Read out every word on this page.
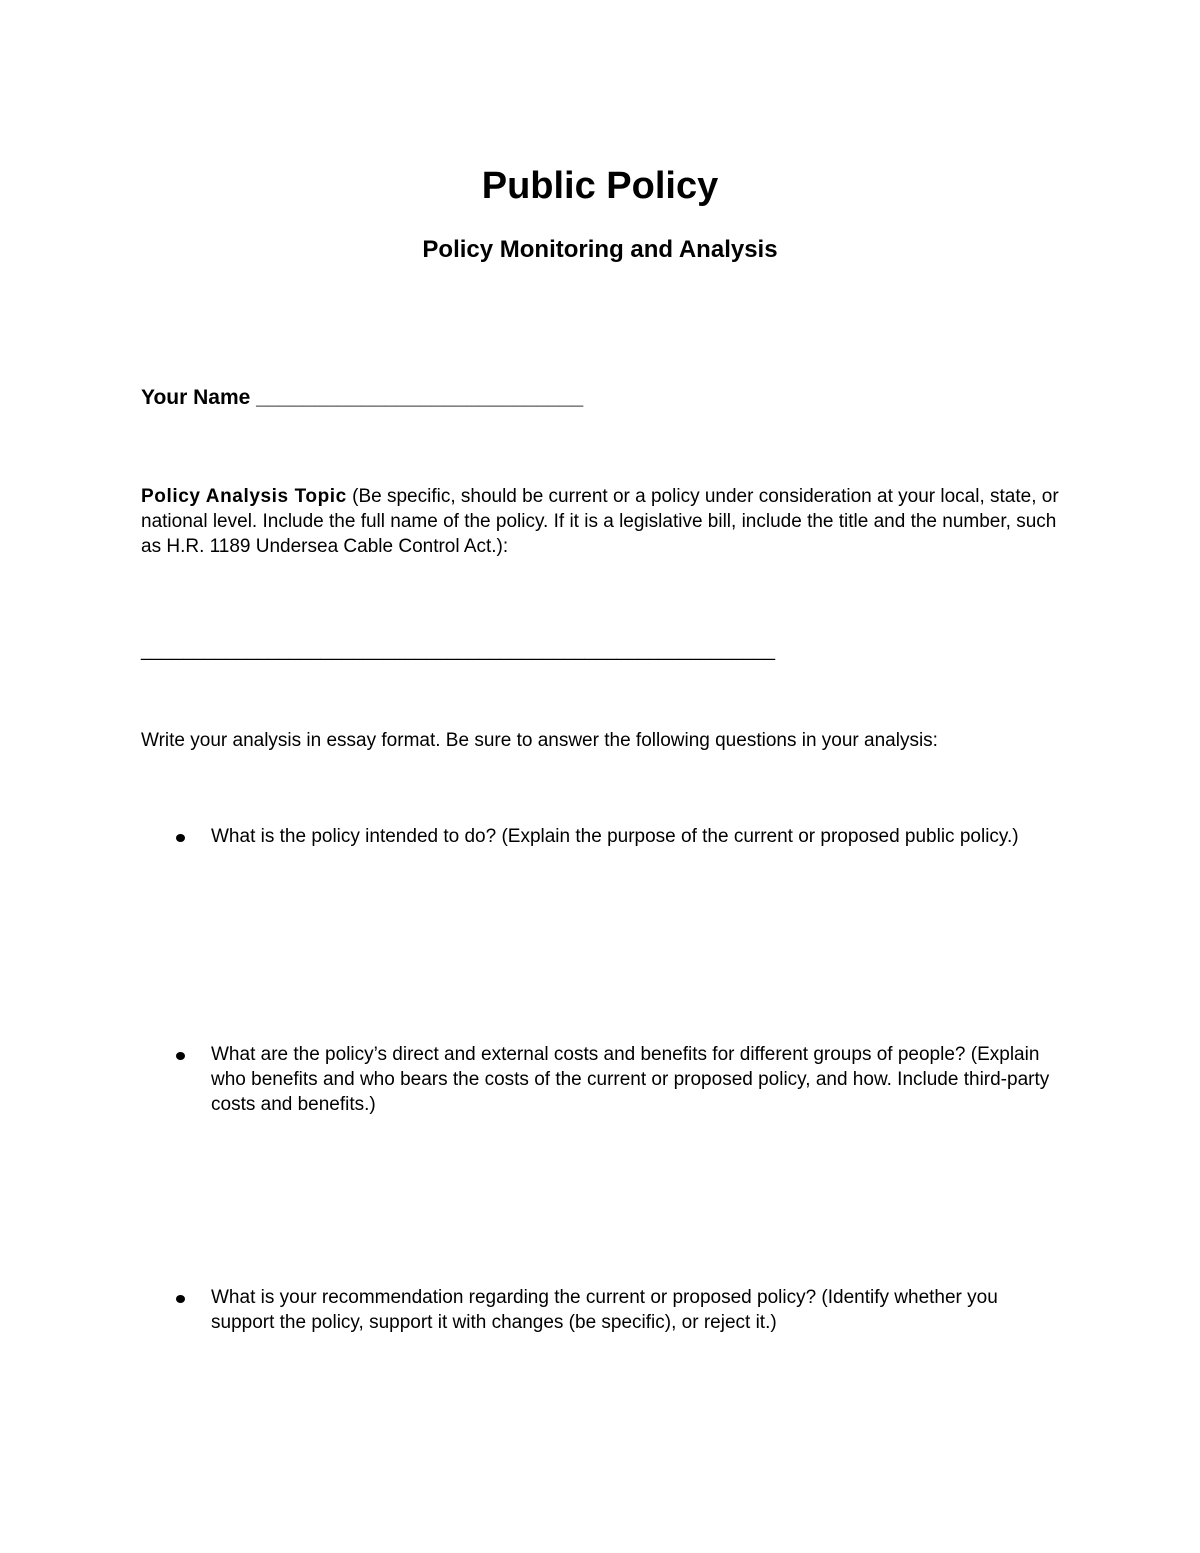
Public Policy
Policy Monitoring and Analysis
Your Name ____________________________
Policy Analysis Topic (Be specific, should be current or a policy under consideration at your local, state, or national level. Include the full name of the policy. If it is a legislative bill, include the title and the number, such as H.R. 1189 Undersea Cable Control Act.):
____________________________________________________________
Write your analysis in essay format. Be sure to answer the following questions in your analysis:
What is the policy intended to do? (Explain the purpose of the current or proposed public policy.)
What are the policy’s direct and external costs and benefits for different groups of people? (Explain who benefits and who bears the costs of the current or proposed policy, and how. Include third-party costs and benefits.)
What is your recommendation regarding the current or proposed policy? (Identify whether you support the policy, support it with changes (be specific), or reject it.)
